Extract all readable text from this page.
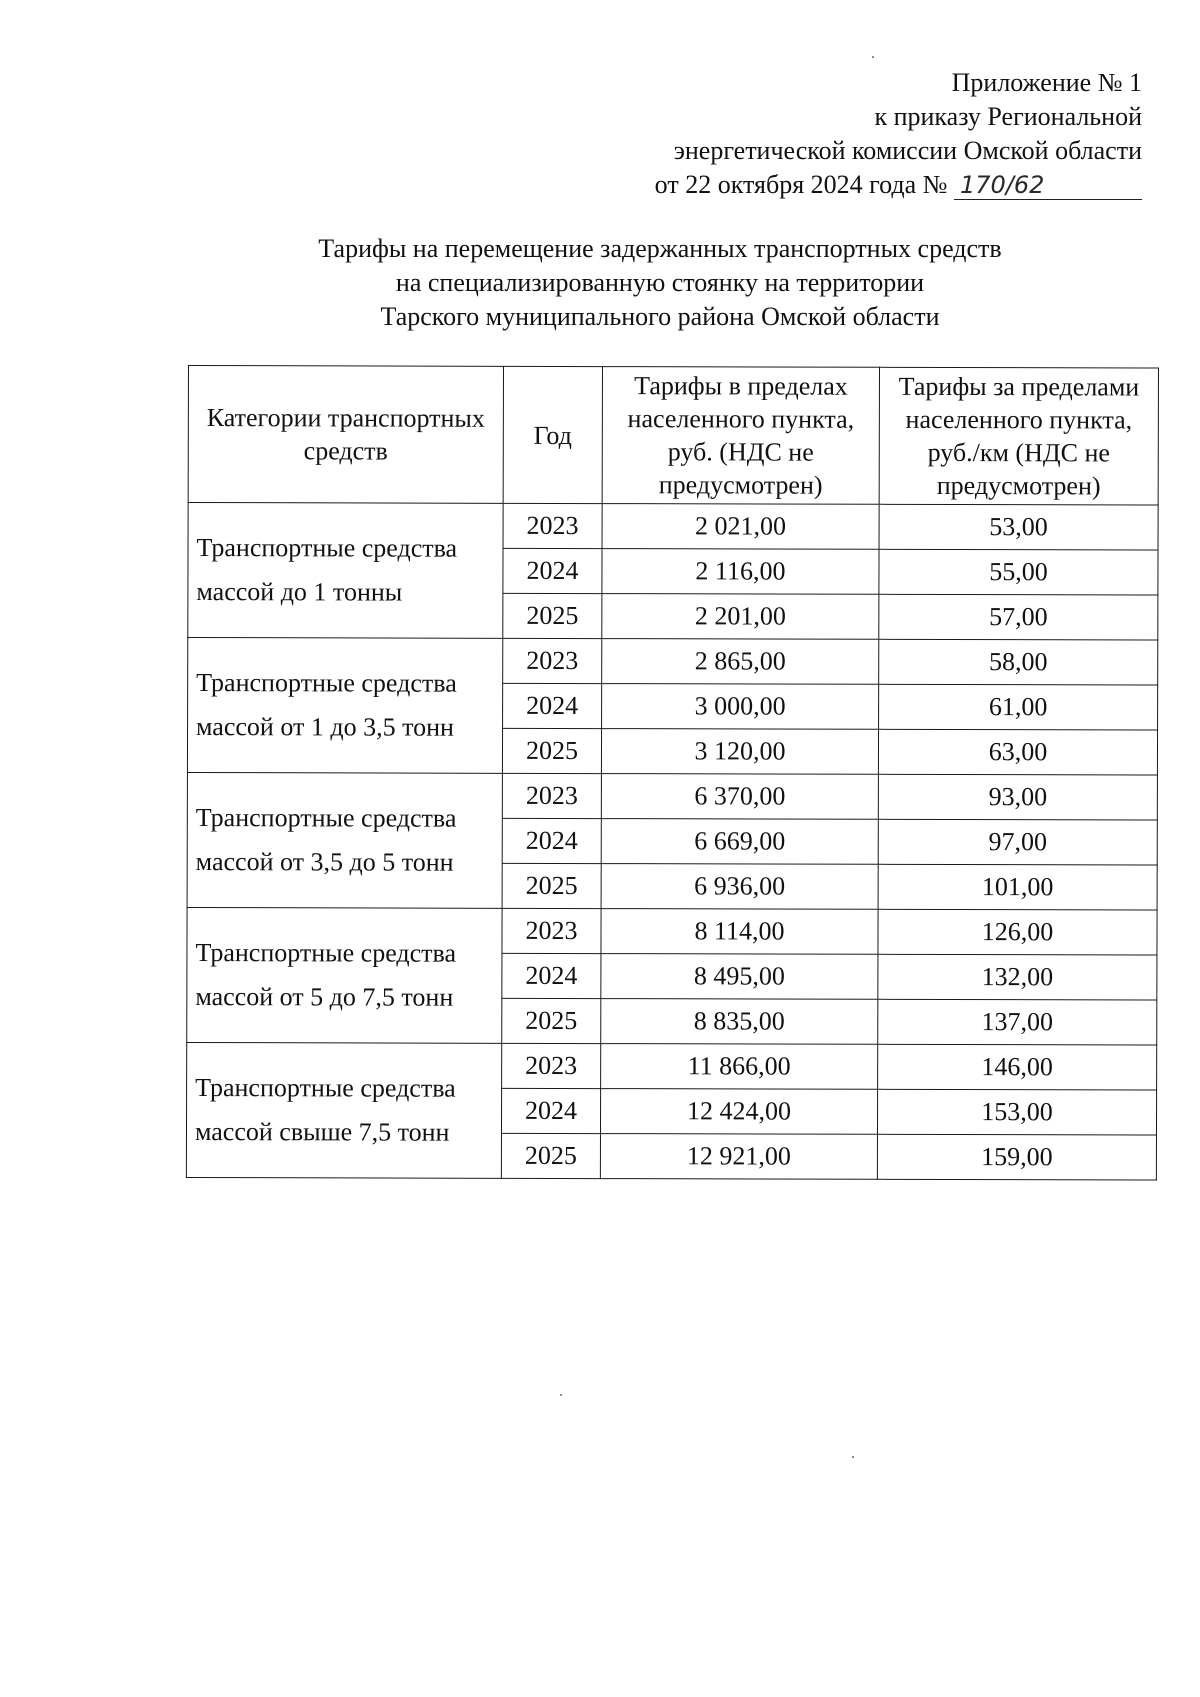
Приложение № 1
к приказу Региональной
энергетической комиссии Омской области
от 22 октября 2024 года № 170/62
Тарифы на перемещение задержанных транспортных средств
на специализированную стоянку на территории
Тарского муниципального района Омской области
Категории транспортных средств	Год	Тарифы в пределах населенного пункта, руб. (НДС не предусмотрен)	Тарифы за пределами населенного пункта, руб./км (НДС не предусмотрен)
Транспортные средства массой до 1 тонны	2023	2 021,00	53,00
	2024	2 116,00	55,00
	2025	2 201,00	57,00
Транспортные средства массой от 1 до 3,5 тонн	2023	2 865,00	58,00
	2024	3 000,00	61,00
	2025	3 120,00	63,00
Транспортные средства массой от 3,5 до 5 тонн	2023	6 370,00	93,00
	2024	6 669,00	97,00
	2025	6 936,00	101,00
Транспортные средства массой от 5 до 7,5 тонн	2023	8 114,00	126,00
	2024	8 495,00	132,00
	2025	8 835,00	137,00
Транспортные средства массой свыше 7,5 тонн	2023	11 866,00	146,00
	2024	12 424,00	153,00
	2025	12 921,00	159,00
